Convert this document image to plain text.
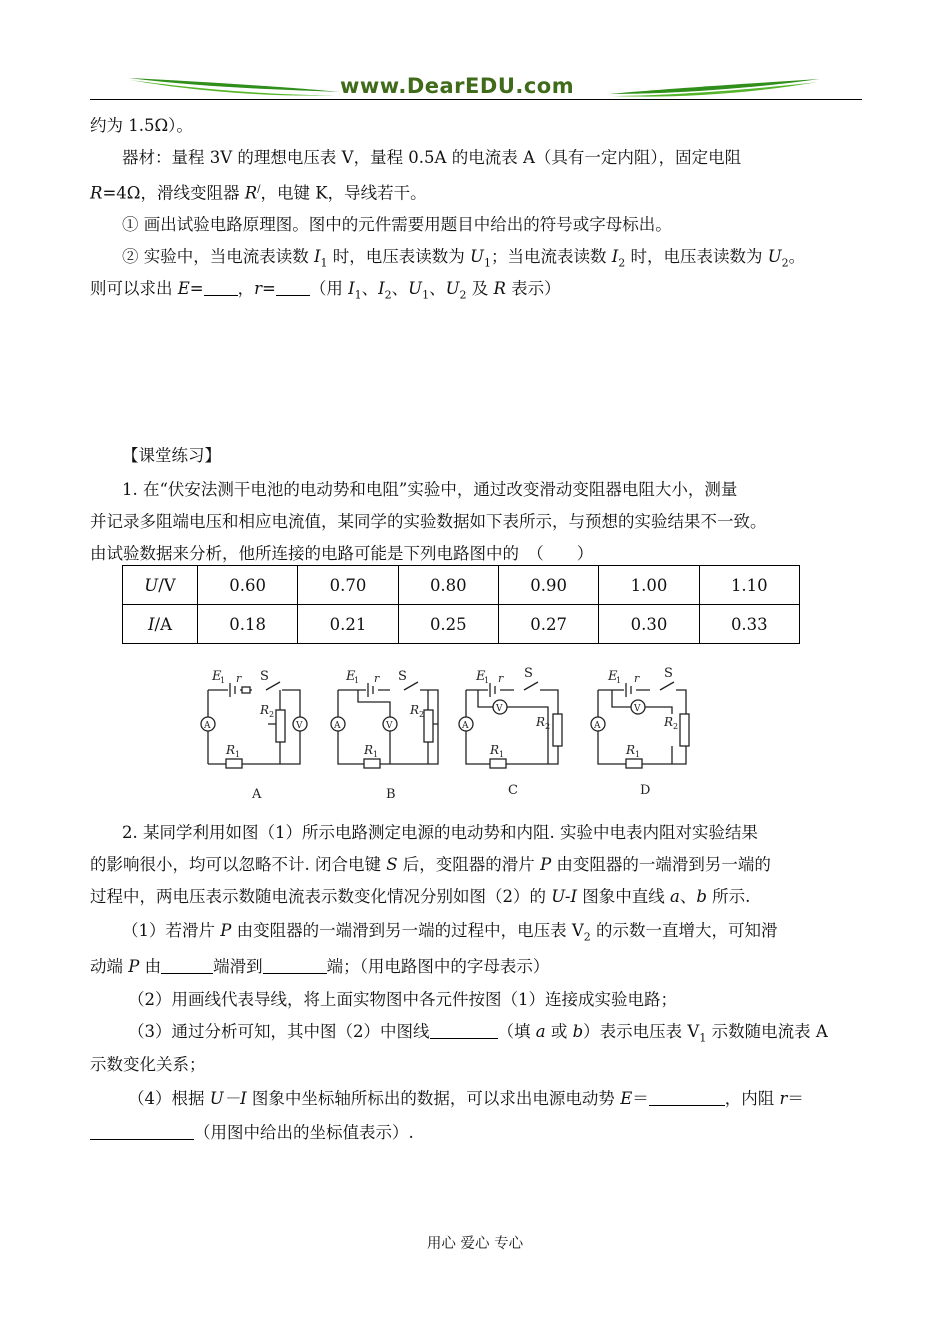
www.DearEDU.com
约为 1.5Ω）。
器材：量程 3V 的理想电压表 V，量程 0.5A 的电流表 A（具有一定内阻），固定电阻
R=4Ω，滑线变阻器 R/，电键 K，导线若干。
① 画出试验电路原理图。图中的元件需要用题目中给出的符号或字母标出。
② 实验中，当电流表读数 $I_1$ 时，电压表读数为 $U_1$；当电流表读数 $I_2$ 时，电压表读数为 $U_2$。
则可以求出 E= ，r= （用 $I_1$、$I_2$、$U_1$、$U_2$ 及 R 表示）
【课堂练习】
1. 在“伏安法测干电池的电动势和电阻”实验中，通过改变滑动变阻器电阻大小，测量
并记录多阻端电压和相应电流值，某同学的实验数据如下表所示，与预想的实验结果不一致。
由试验数据来分析，他所连接的电路可能是下列电路图中的　（　　）
U/V	0.60	0.70	0.80	0.90	1.00	1.10
I/A	0.18	0.21	0.25	0.27	0.30	0.33
E
1 r S
A	V
R 2
R 1
A
E
1 r S
A	V
R 2
R 1
B
E
1 r S
A
V
R 2
R 1
C
E
1 r S
A
V
R 2
R 1
D
2. 某同学利用如图（1）所示电路测定电源的电动势和内阻. 实验中电表内阻对实验结果
的影响很小，均可以忽略不计. 闭合电键 S 后，变阻器的滑片 P 由变阻器的一端滑到另一端的
过程中，两电压表示数随电流表示数变化情况分别如图（2）的 U-I 图象中直线 a、b 所示.
（1）若滑片 P 由变阻器的一端滑到另一端的过程中，电压表 $V_2$ 的示数一直增大，可知滑
动端 P 由	端滑到	端；（用电路图中的字母表示）
（2）用画线代表导线，将上面实物图中各元件按图（1）连接成实验电路；
（3）通过分析可知，其中图（2）中图线	（填 a 或 b）表示电压表 $V_1$ 示数随电流表 A
示数变化关系；
（4）根据 U－I 图象中坐标轴所标出的数据，可以求出电源电动势 E＝	，内阻 r＝
（用图中给出的坐标值表示）.
用心 爱心 专心
